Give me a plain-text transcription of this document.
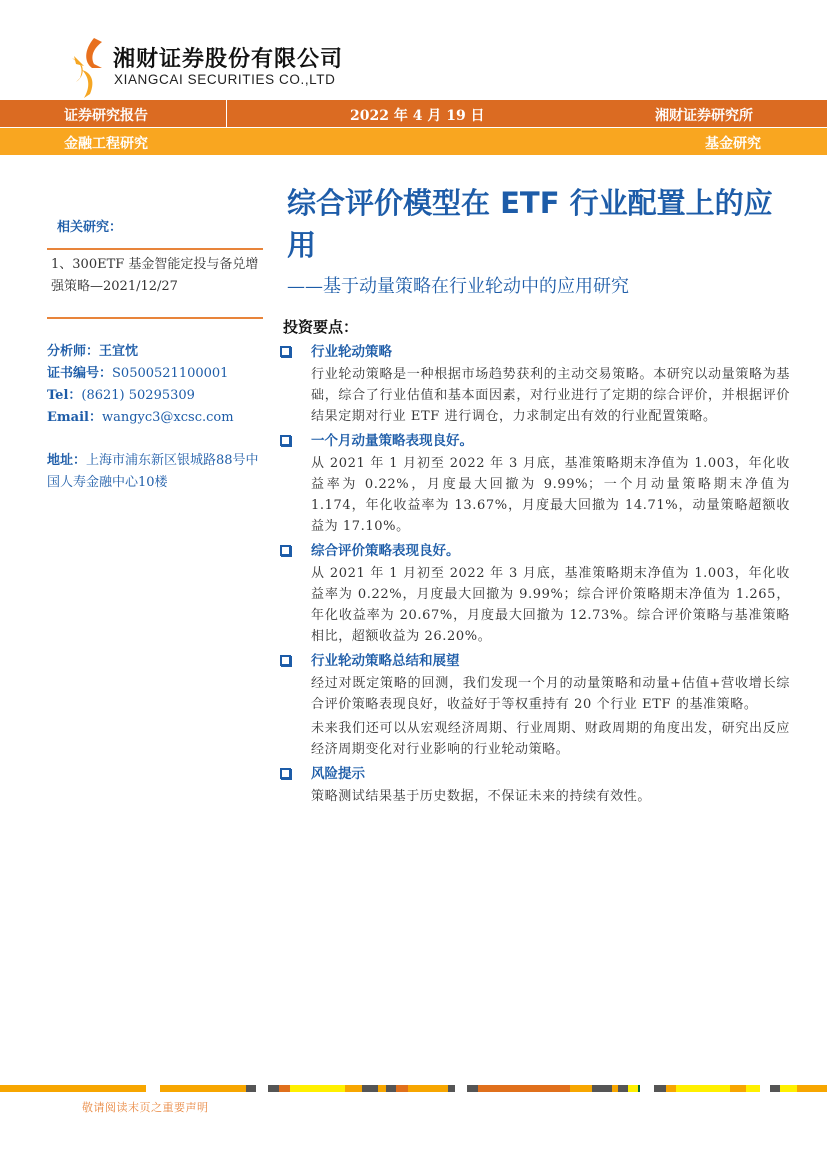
湘财证券股份有限公司
XIANGCAI SECURITIES CO.,LTD
证券研究报告	2022 年 4 月 19 日	湘财证券研究所
金融工程研究	基金研究
相关研究：
1、300ETF 基金智能定投与备兑增强策略—2021/12/27
分析师：王宜忱
证书编号：S0500521100001
Tel：(8621) 50295309
Email：wangyc3@xcsc.com
地址：上海市浦东新区银城路88号中国人寿金融中心10楼
综合评价模型在 ETF 行业配置上的应用
——基于动量策略在行业轮动中的应用研究
投资要点：
行业轮动策略
行业轮动策略是一种根据市场趋势获利的主动交易策略。本研究以动量策略为基础，综合了行业估值和基本面因素，对行业进行了定期的综合评价，并根据评价结果定期对行业 ETF 进行调仓，力求制定出有效的行业配置策略。
一个月动量策略表现良好。
从 2021 年 1 月初至 2022 年 3 月底，基准策略期末净值为 1.003，年化收益率为 0.22%，月度最大回撤为 9.99%；一个月动量策略期末净值为 1.174，年化收益率为 13.67%，月度最大回撤为 14.71%，动量策略超额收益为 17.10%。
综合评价策略表现良好。
从 2021 年 1 月初至 2022 年 3 月底，基准策略期末净值为 1.003，年化收益率为 0.22%，月度最大回撤为 9.99%；综合评价策略期末净值为 1.265，年化收益率为 20.67%，月度最大回撤为 12.73%。综合评价策略与基准策略相比，超额收益为 26.20%。
行业轮动策略总结和展望
经过对既定策略的回测，我们发现一个月的动量策略和动量+估值+营收增长综合评价策略表现良好，收益好于等权重持有 20 个行业 ETF 的基准策略。
未来我们还可以从宏观经济周期、行业周期、财政周期的角度出发，研究出反应经济周期变化对行业影响的行业轮动策略。
风险提示
策略测试结果基于历史数据，不保证未来的持续有效性。
敬请阅读末页之重要声明
